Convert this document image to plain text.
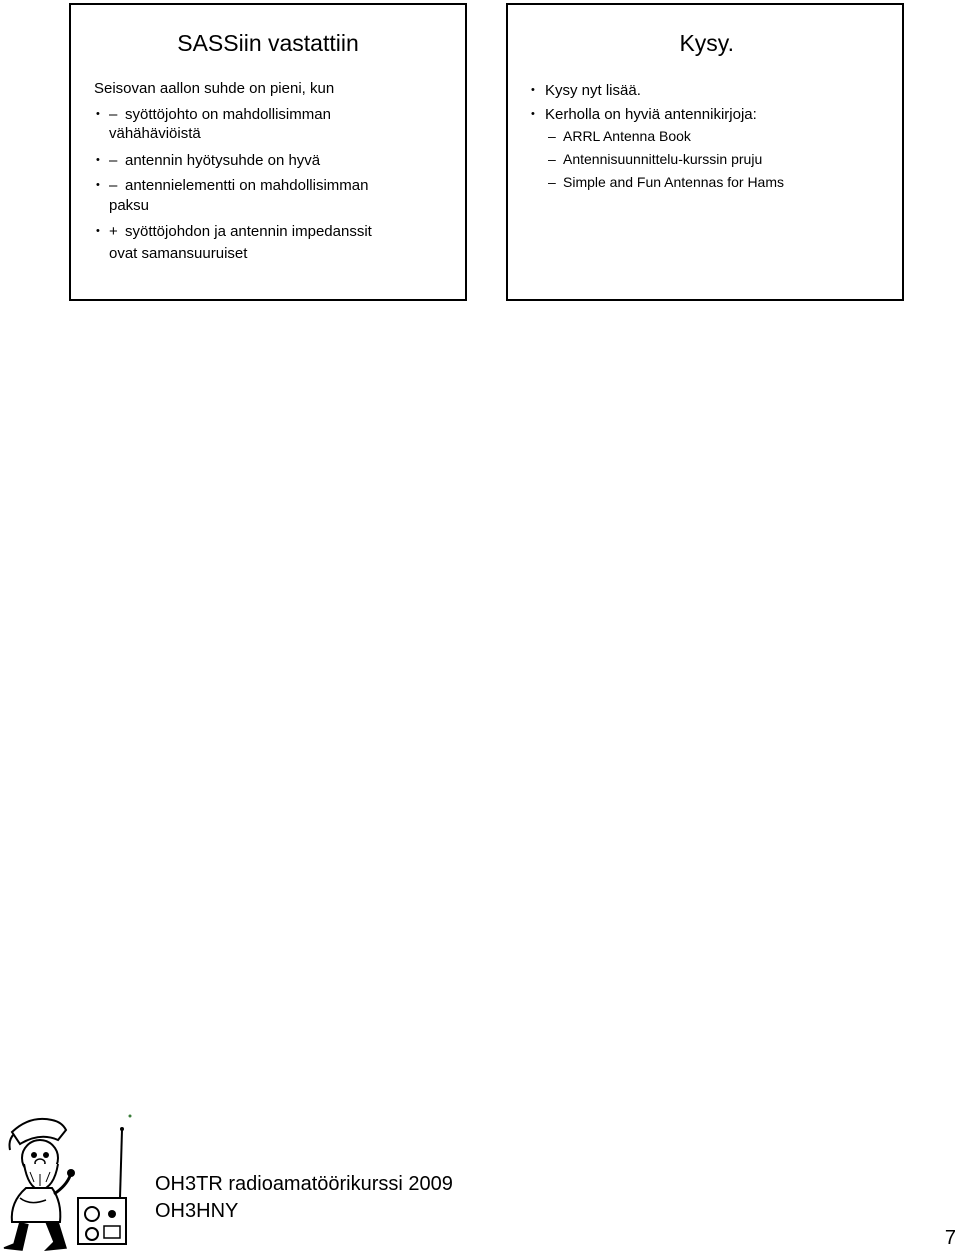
SASSiin vastattiin
Seisovan aallon suhde on pieni, kun
• – syöttöjohto on mahdollisimman
vähähäviöistä
• – antennin hyötysuhde on hyvä
• – antennielementti on mahdollisimman
paksu
• + syöttöjohdon ja antennin impedanssit
ovat samansuuruiset
Kysy.
• Kysy nyt lisää.
• Kerholla on hyviä antennikirjoja:
– ARRL Antenna Book
– Antennisuunnittelu-kurssin pruju
– Simple and Fun Antennas for Hams
OH3TR radioamatöörikurssi 2009
OH3HNY
7
